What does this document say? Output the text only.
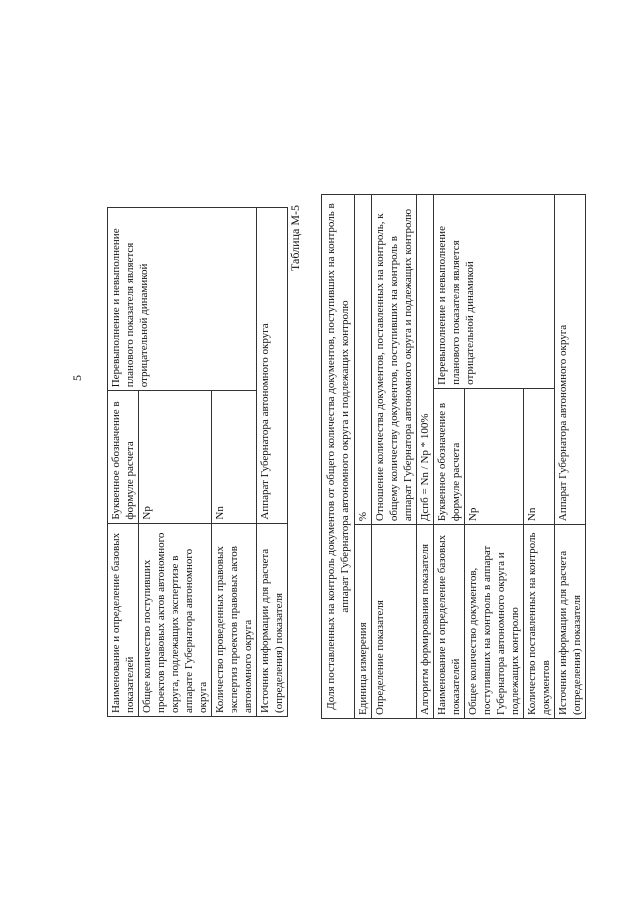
5
Наименование и определение базовых показателей	Буквенное обозначение в формуле расчета	Перевыполнение и невыполнение планового показателя является отрицательной динамикой
Общее количество поступивших проектов правовых актов автономного округа, подлежащих экспертизе в аппарате Губернатора автономного округа	Np	
Количество проведенных правовых экспертиз проектов правовых актов автономного округа	Nn	
Источник информации для расчета (определения) показателя	Аппарат Губернатора автономного округа	
Таблица М-5 Доля поставленных на контроль документов от общего количества документов, поступивших на контроль в аппарат Губернатора автономного округа и подлежащих контролю		
Единица измерения	%	
Определение показателя	Отношение количества документов, поставленных на контроль, к общему количеству документов, поступивших на контроль в аппарат Губернатора автономного округа и подлежащих контролю	
Алгоритм формирования показателя	Дспб = Nn / Np * 100%	
Наименование и определение базовых показателей	Буквенное обозначение в формуле расчета	Перевыполнение и невыполнение планового показателя является отрицательной динамикой
Общее количество документов, поступивших на контроль в аппарат Губернатора автономного округа и подлежащих контролю	Np	
Количество поставленных на контроль документов	Nn	
Источник информации для расчета (определения) показателя	Аппарат Губернатора автономного округа	
